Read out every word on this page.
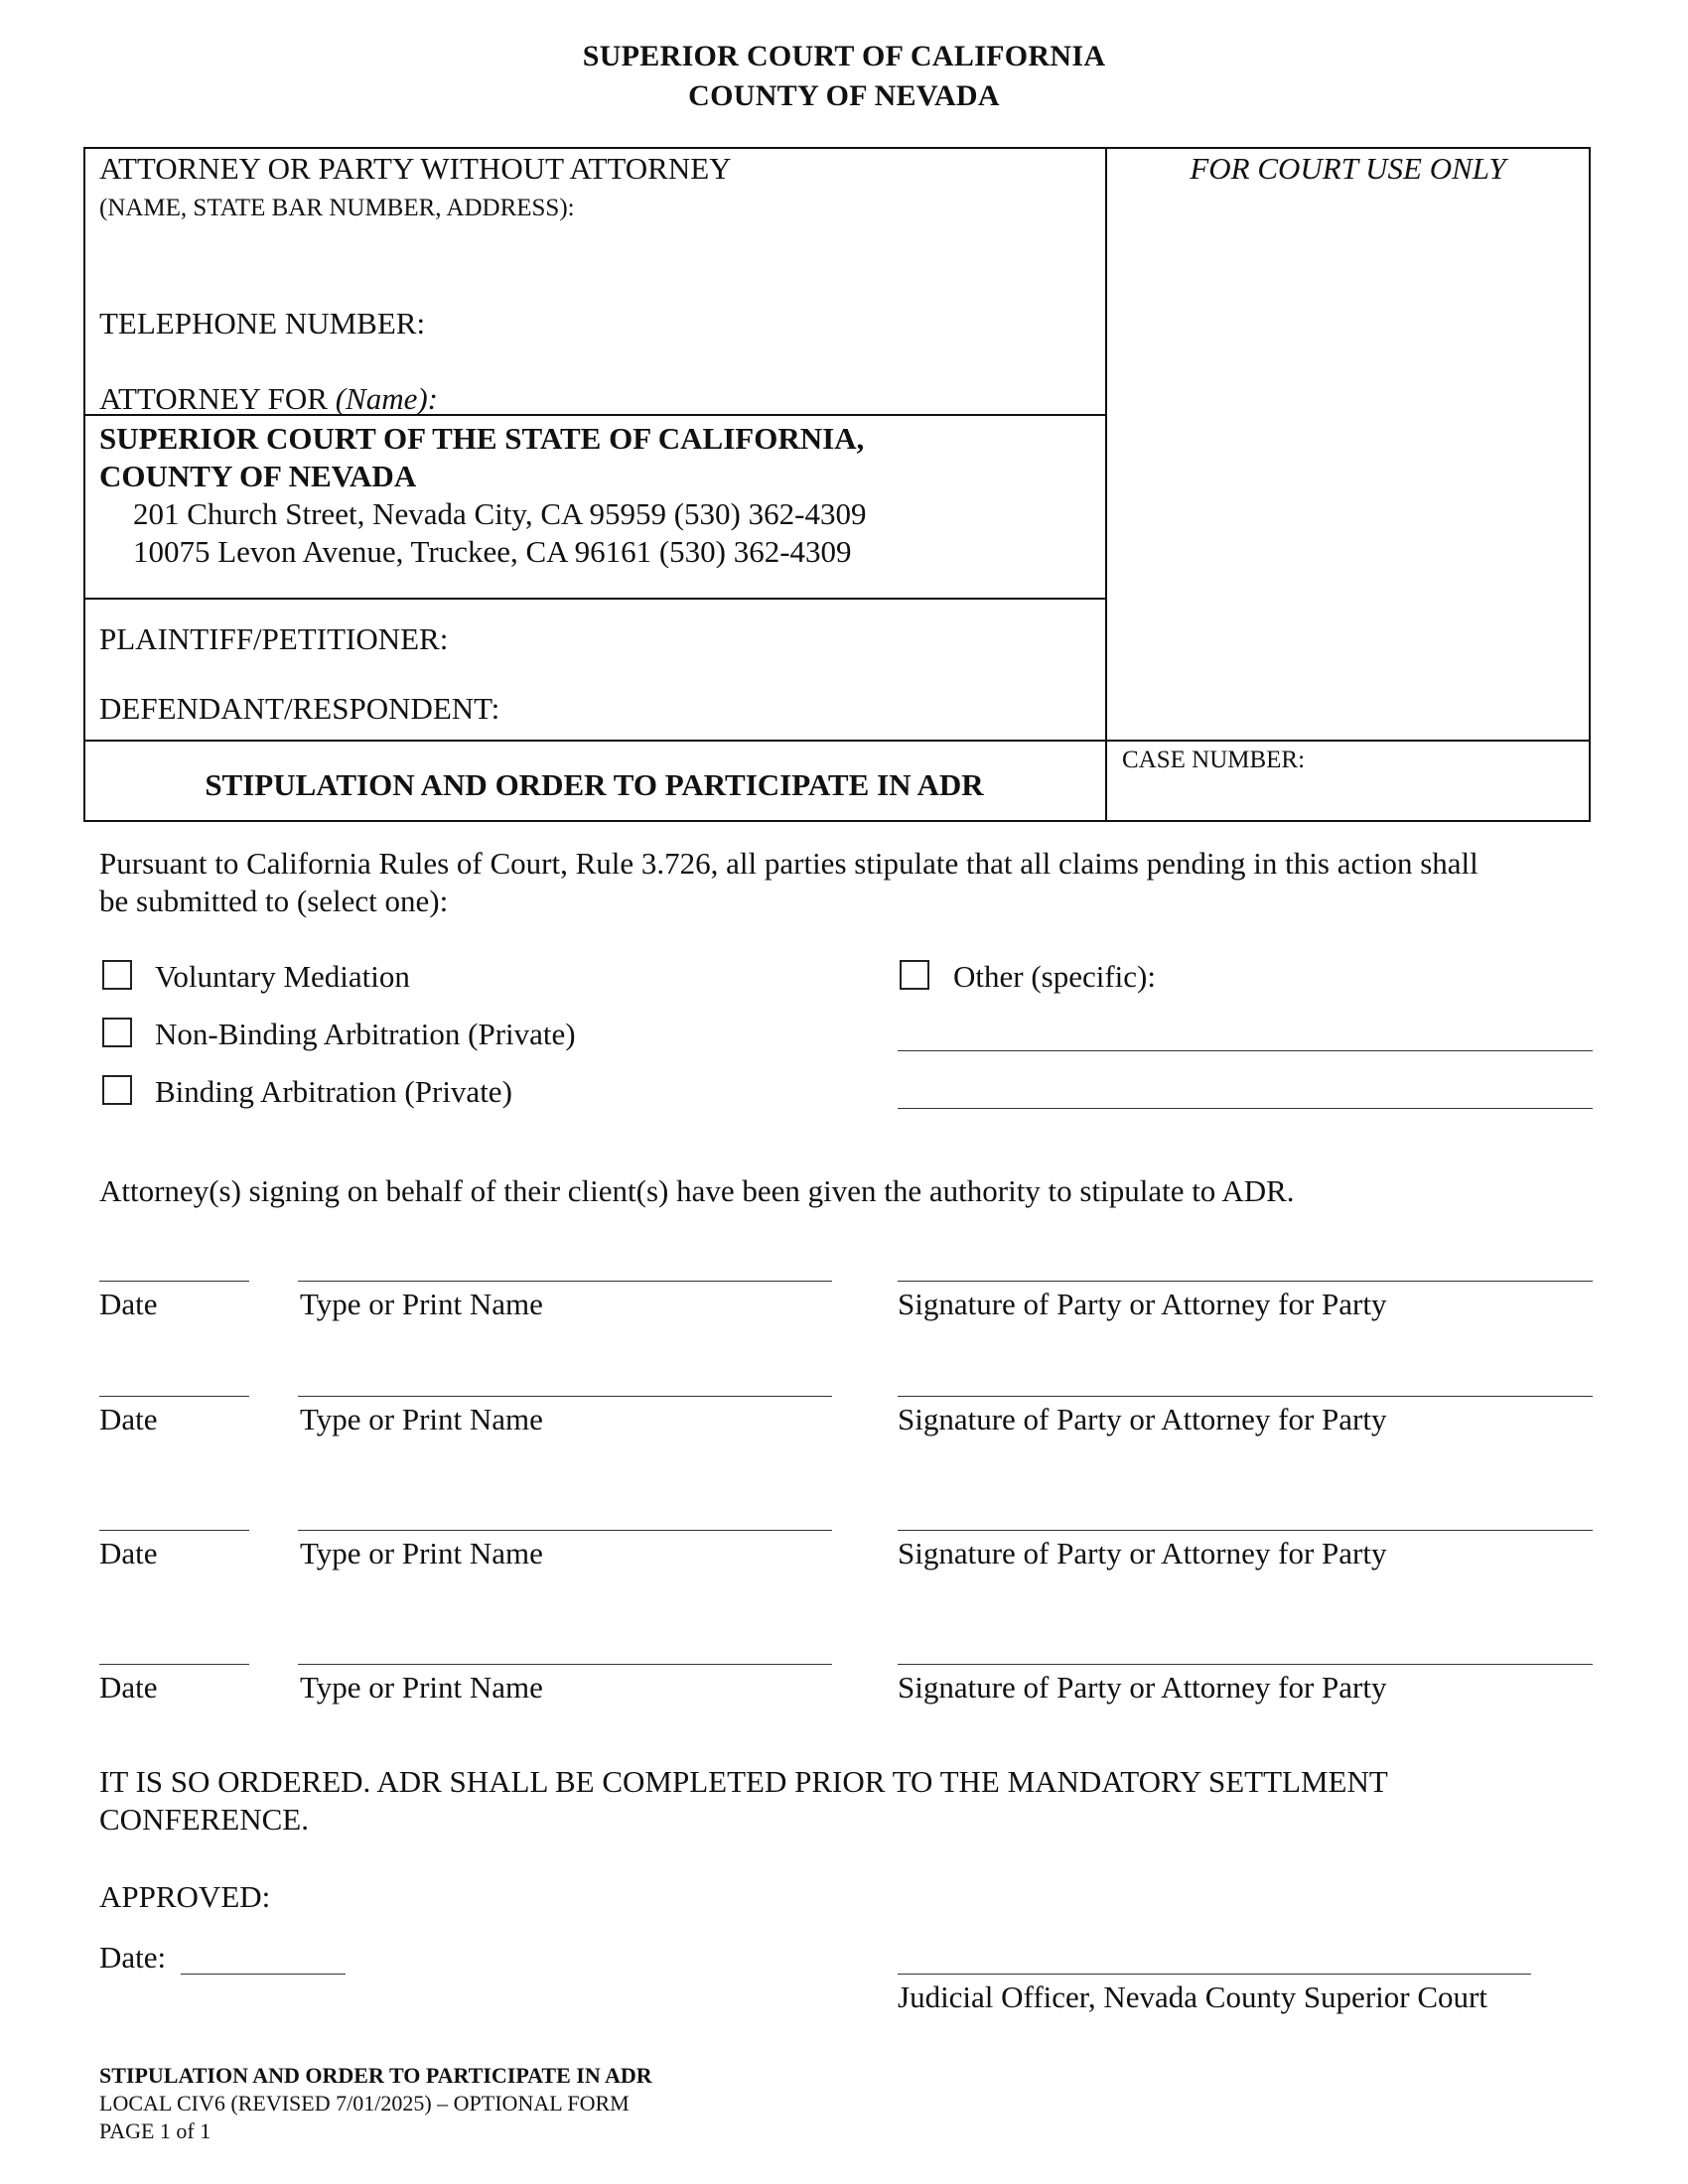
SUPERIOR COURT OF CALIFORNIA
COUNTY OF NEVADA
ATTORNEY OR PARTY WITHOUT ATTORNEY
(NAME, STATE BAR NUMBER, ADDRESS):
TELEPHONE NUMBER:
ATTORNEY FOR (Name):
FOR COURT USE ONLY
SUPERIOR COURT OF THE STATE OF CALIFORNIA,
COUNTY OF NEVADA
201 Church Street, Nevada City, CA 95959 (530) 362-4309
10075 Levon Avenue, Truckee, CA 96161 (530) 362-4309
PLAINTIFF/PETITIONER:
DEFENDANT/RESPONDENT:
STIPULATION AND ORDER TO PARTICIPATE IN ADR
CASE NUMBER:
Pursuant to California Rules of Court, Rule 3.726, all parties stipulate that all claims pending in this action shall
be submitted to (select one):
Voluntary Mediation
Non-Binding Arbitration (Private)
Binding Arbitration (Private)
Other (specific):
Attorney(s) signing on behalf of their client(s) have been given the authority to stipulate to ADR.
Date	Type or Print Name	Signature of Party or Attorney for Party
Date	Type or Print Name	Signature of Party or Attorney for Party
Date	Type or Print Name	Signature of Party or Attorney for Party
Date	Type or Print Name	Signature of Party or Attorney for Party
IT IS SO ORDERED. ADR SHALL BE COMPLETED PRIOR TO THE MANDATORY SETTLMENT
CONFERENCE.
APPROVED:
Date:
Judicial Officer, Nevada County Superior Court
STIPULATION AND ORDER TO PARTICIPATE IN ADR
LOCAL CIV6 (REVISED 7/01/2025) – OPTIONAL FORM
PAGE 1 of 1
